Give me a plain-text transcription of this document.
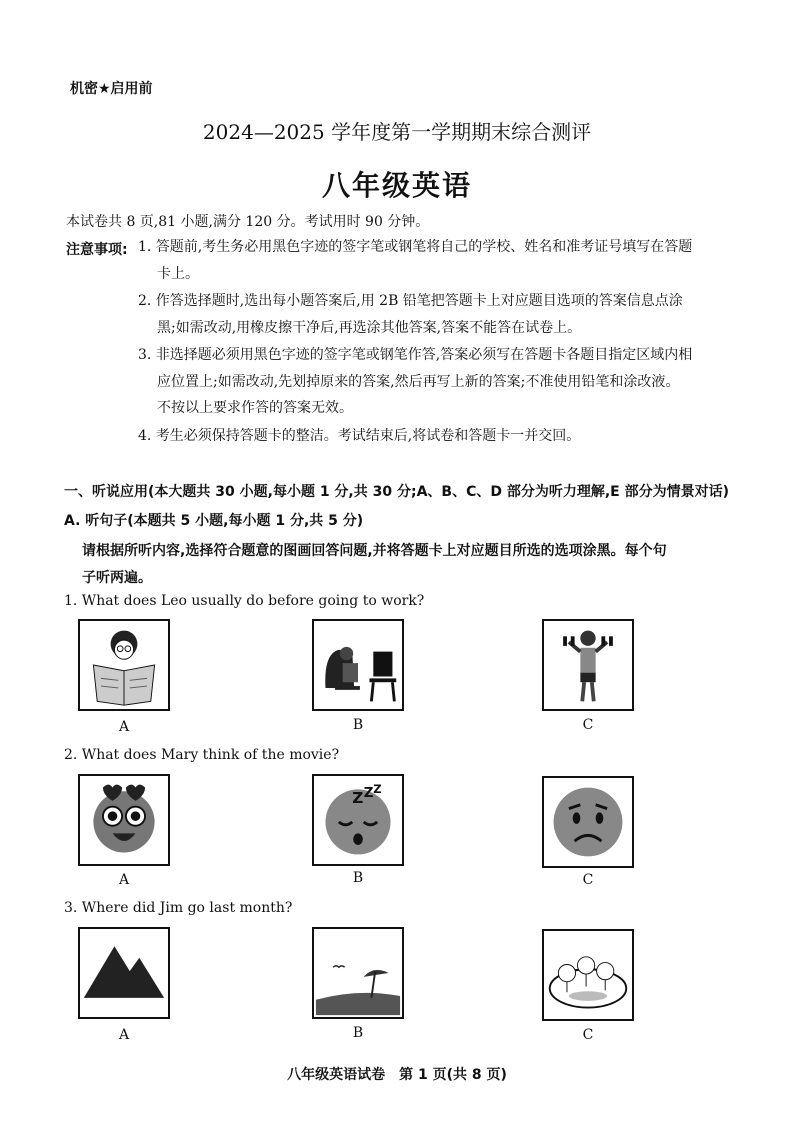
机密★启用前
2024—2025 学年度第一学期期末综合测评
八年级英语
本试卷共 8 页,81 小题,满分 120 分。考试用时 90 分钟。
注意事项: 1. 答题前,考生务必用黑色字迹的签字笔或钢笔将自己的学校、姓名和准考证号填写在答题
卡上。
2. 作答选择题时,选出每小题答案后,用 2B 铅笔把答题卡上对应题目选项的答案信息点涂
黑;如需改动,用橡皮擦干净后,再选涂其他答案,答案不能答在试卷上。
3. 非选择题必须用黑色字迹的签字笔或钢笔作答,答案必须写在答题卡各题目指定区域内相
应位置上;如需改动,先划掉原来的答案,然后再写上新的答案;不准使用铅笔和涂改液。
不按以上要求作答的答案无效。
4. 考生必须保持答题卡的整洁。考试结束后,将试卷和答题卡一并交回。
一、听说应用(本大题共 30 小题,每小题 1 分,共 30 分;A、B、C、D 部分为听力理解,E 部分为情景对话)
A. 听句子(本题共 5 小题,每小题 1 分,共 5 分)
请根据所听内容,选择符合题意的图画回答问题,并将答题卡上对应题目所选的选项涂黑。每个句
子听两遍。
1. What does Leo usually do before going to work?
A	B	C
2. What does Mary think of the movie?
Z Z Z
A	B	C
3. Where did Jim go last month?
A	B	C
八年级英语试卷　第 1 页(共 8 页)
